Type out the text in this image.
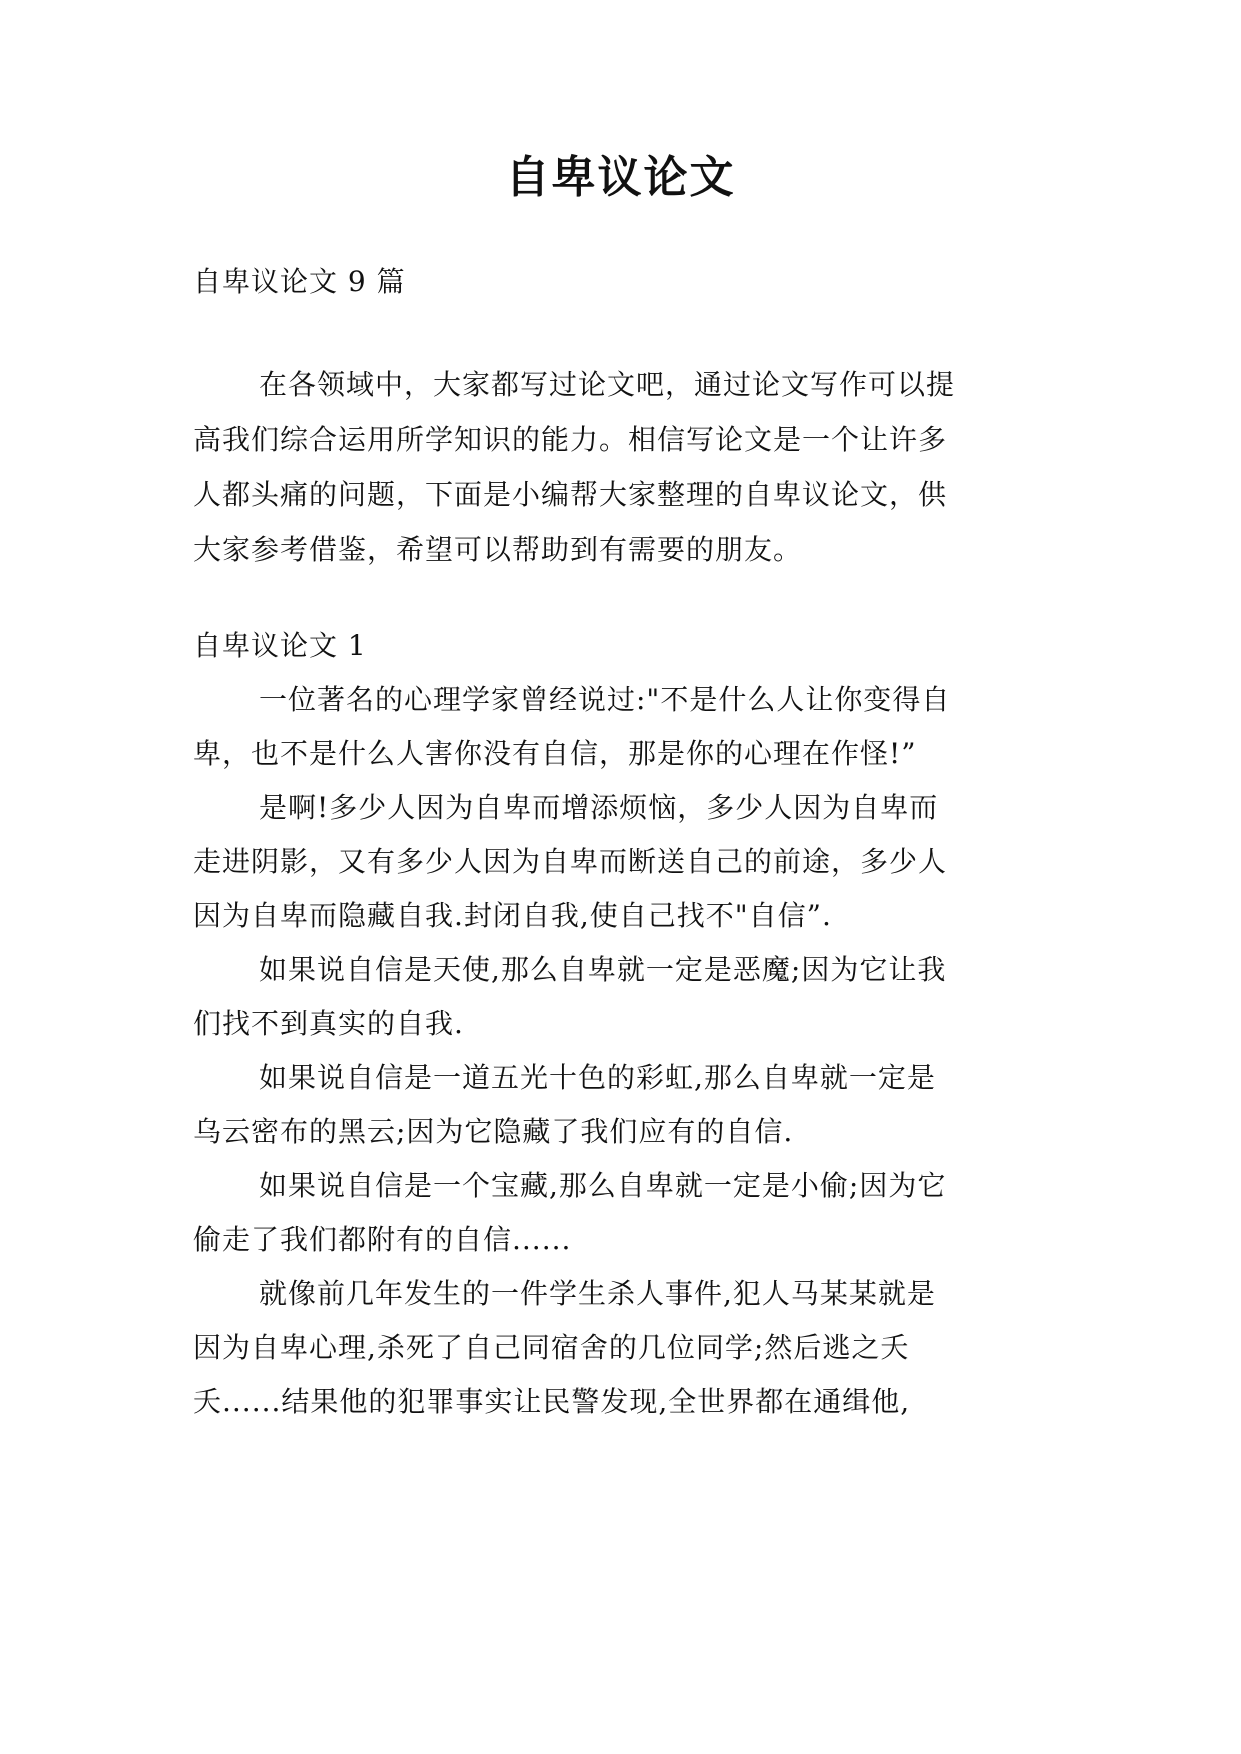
自卑议论文
自卑议论文 9 篇
在各领域中，大家都写过论文吧，通过论文写作可以提
高我们综合运用所学知识的能力。相信写论文是一个让许多
人都头痛的问题，下面是小编帮大家整理的自卑议论文，供
大家参考借鉴，希望可以帮助到有需要的朋友。
自卑议论文 1
一位著名的心理学家曾经说过:"不是什么人让你变得自
卑，也不是什么人害你没有自信，那是你的心理在作怪!”
是啊!多少人因为自卑而增添烦恼，多少人因为自卑而
走进阴影，又有多少人因为自卑而断送自己的前途，多少人
因为自卑而隐藏自我.封闭自我,使自己找不"自信”.
如果说自信是天使,那么自卑就一定是恶魔;因为它让我
们找不到真实的自我.
如果说自信是一道五光十色的彩虹,那么自卑就一定是
乌云密布的黑云;因为它隐藏了我们应有的自信.
如果说自信是一个宝藏,那么自卑就一定是小偷;因为它
偷走了我们都附有的自信......
就像前几年发生的一件学生杀人事件,犯人马某某就是
因为自卑心理,杀死了自己同宿舍的几位同学;然后逃之夭
夭......结果他的犯罪事实让民警发现,全世界都在通缉他,
